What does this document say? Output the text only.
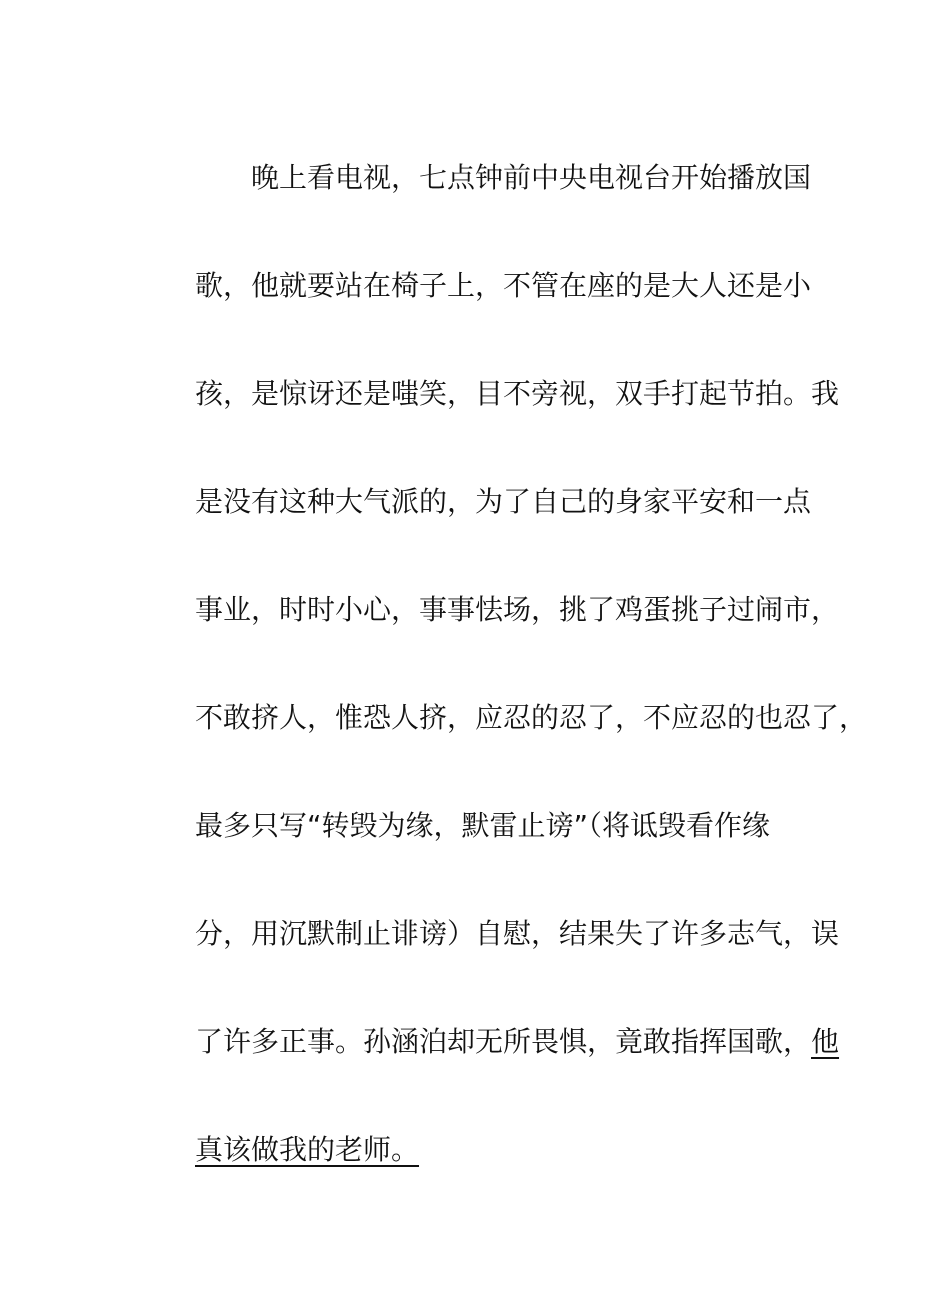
晚上看电视，七点钟前中央电视台开始播放国
歌，他就要站在椅子上，不管在座的是大人还是小
孩，是惊讶还是嗤笑，目不旁视，双手打起节拍。我
是没有这种大气派的，为了自己的身家平安和一点
事业，时时小心，事事怯场，挑了鸡蛋挑子过闹市，
不敢挤人，惟恐人挤，应忍的忍了，不应忍的也忍了，
最多只写“转毁为缘，默雷止谤”（将诋毁看作缘
分，用沉默制止诽谤）自慰，结果失了许多志气，误
了许多正事。孙涵泊却无所畏惧，竟敢指挥国歌，他
真该做我的老师。
